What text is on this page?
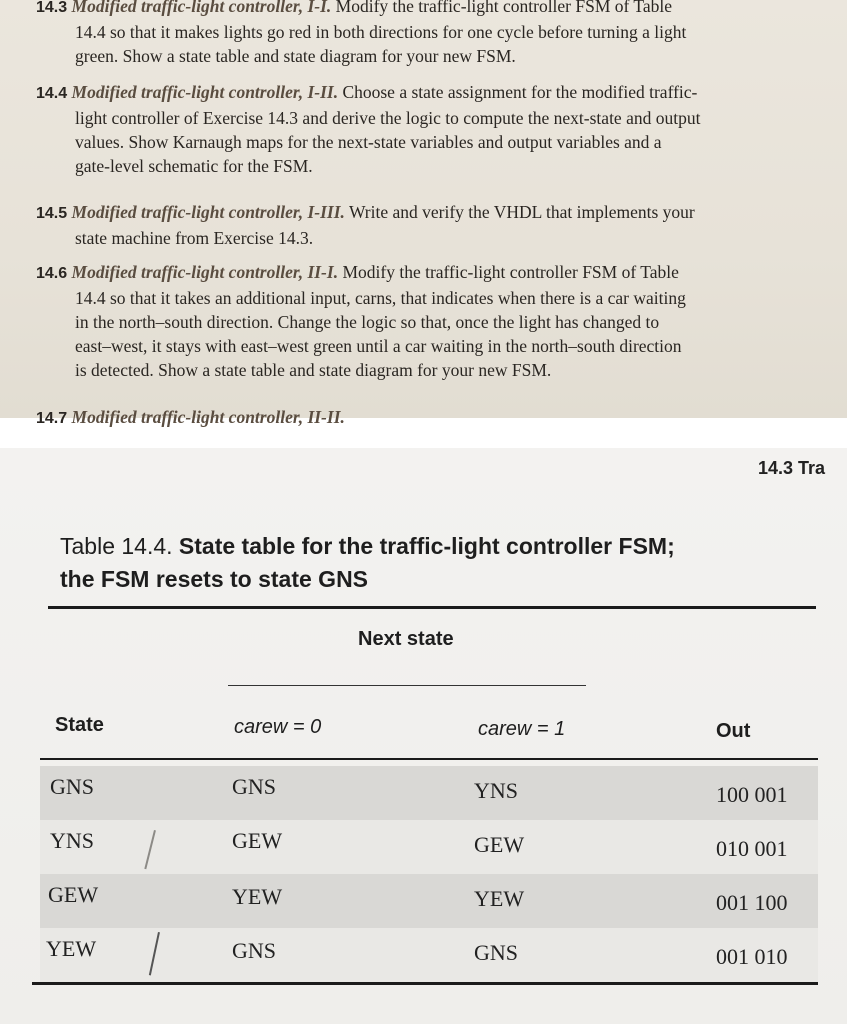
14.3 Modified traffic-light controller, I-I. Modify the traffic-light controller FSM of Table
14.4 so that it makes lights go red in both directions for one cycle before turning a light
green. Show a state table and state diagram for your new FSM.
14.4 Modified traffic-light controller, I-II. Choose a state assignment for the modified traffic-
light controller of Exercise 14.3 and derive the logic to compute the next-state and output
values. Show Karnaugh maps for the next-state variables and output variables and a
gate-level schematic for the FSM.
14.5 Modified traffic-light controller, I-III. Write and verify the VHDL that implements your
state machine from Exercise 14.3.
14.6 Modified traffic-light controller, II-I. Modify the traffic-light controller FSM of Table
14.4 so that it takes an additional input, carns, that indicates when there is a car waiting
in the north–south direction. Change the logic so that, once the light has changed to
east–west, it stays with east–west green until a car waiting in the north–south direction
is detected. Show a state table and state diagram for your new FSM.
14.7 Modified traffic-light controller, II-II.
14.3 Tra
Table 14.4. State table for the traffic-light controller FSM;
the FSM resets to state GNS
Next state
State	carew = 0	carew = 1	Out
GNS	GNS	YNS	100 001
YNS	GEW	GEW	010 001
GEW	YEW	YEW	001 100
YEW	GNS	GNS	001 010
